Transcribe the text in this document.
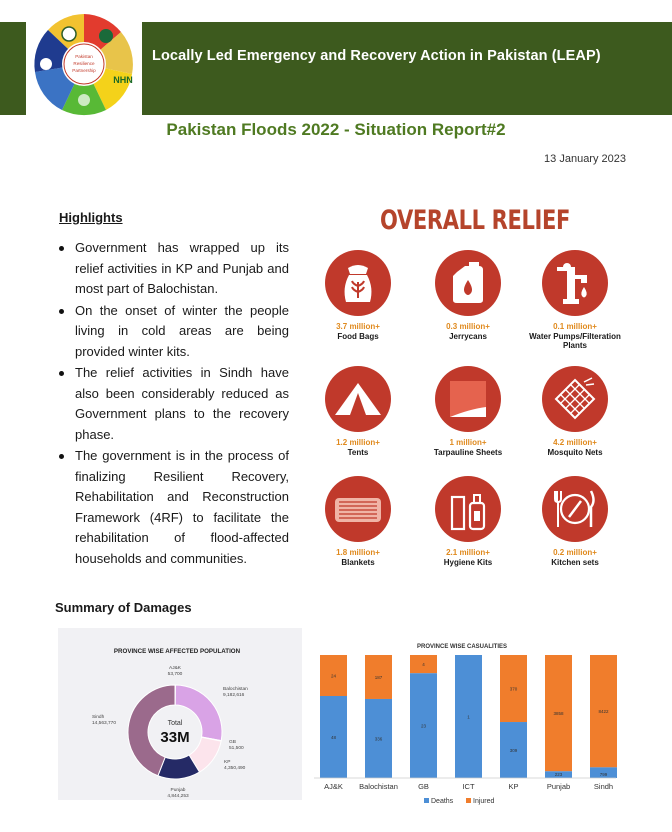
Locally Led Emergency and Recovery Action in Pakistan (LEAP)
Pakistan
Resilience
Partnership
NHN
Pakistan Floods 2022 - Situation Report#2
13 January 2023
Highlights
Government has wrapped up its relief activities in KP and Punjab and most part of Balochistan.
On the onset of winter the people living in cold areas are being provided winter kits.
The relief activities in Sindh have also been considerably reduced as Government plans to the recovery phase.
The government is in the process of finalizing Resilient Recovery, Rehabilitation and Reconstruction Framework (4RF) to facilitate the rehabilitation of flood-affected households and communities.
Summary of Damages
OVERALL RELIEF
3.7 million+
Food Bags
0.3 million+
Jerrycans
0.1 million+
Water Pumps/Filteration Plants
1.2 million+
Tents
1 million+
Tarpauline Sheets
4.2 million+
Mosquito Nets
1.8 million+
Blankets
2.1 million+
Hygiene Kits
0.2 million+
Kitchen sets
PROVINCE WISE AFFECTED POPULATION
Total
33M
AJ&K
53,700
Balochistan
9,182,616
GB
51,500
KP
4,350,490
Punjab
4,844,253
Sindh
14,563,770
PROVINCE WISE CASUALITIES
24
48
AJ&K
187
336
Balochistan
4
23
GB
1
ICT
370
309
KP
3858
223
Punjab
8422
799
Sindh
Deaths	Injured
